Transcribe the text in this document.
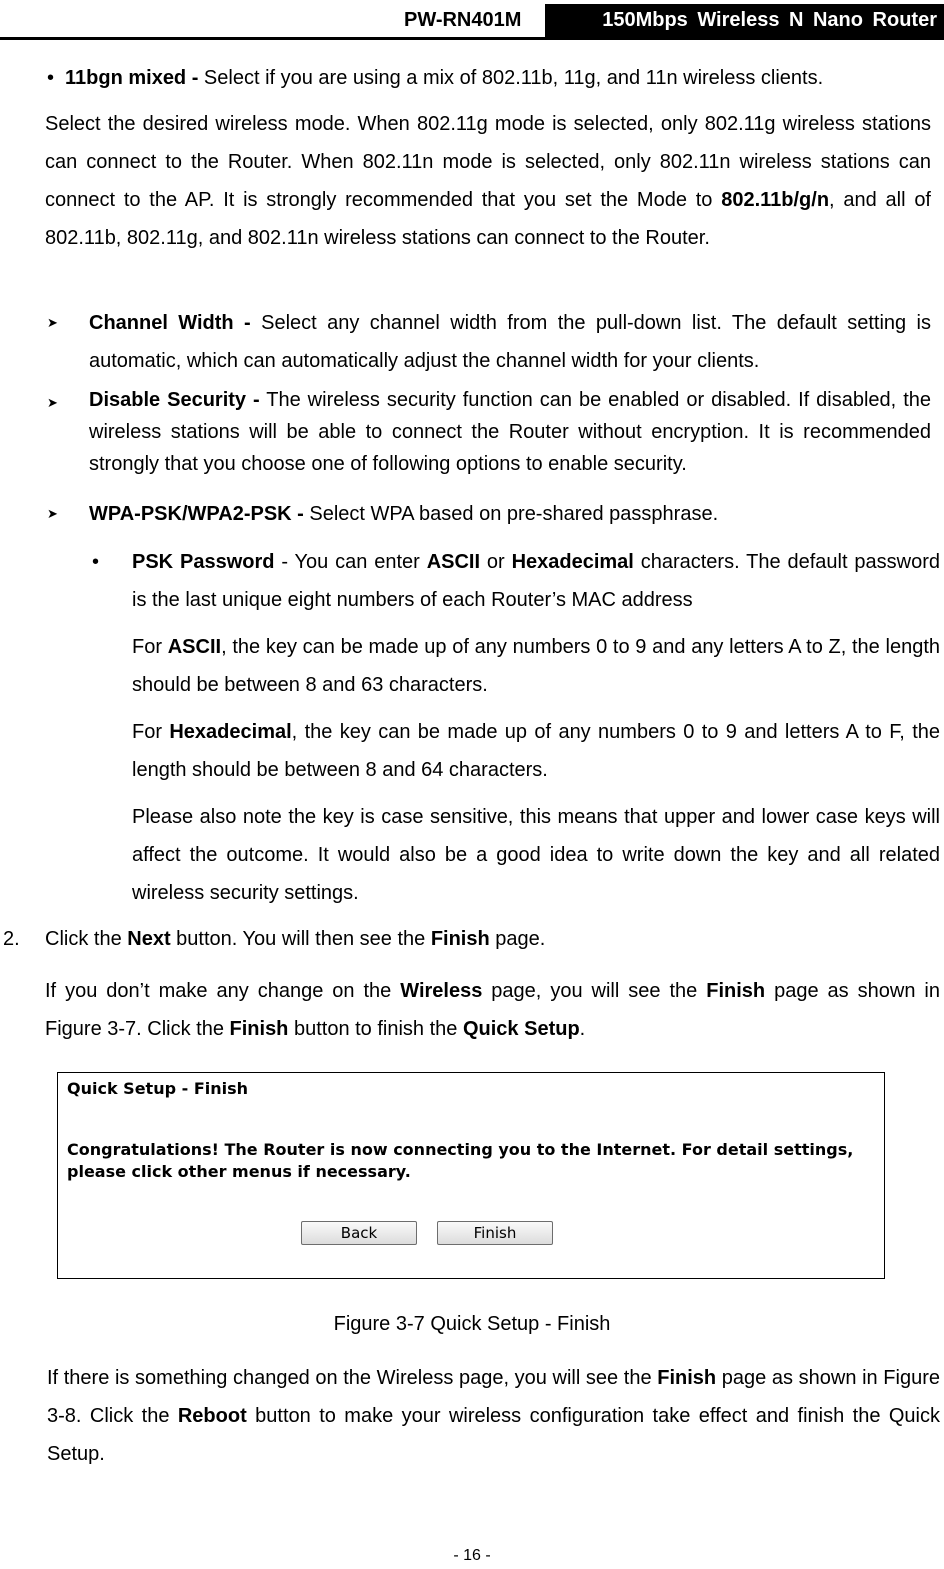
PW-RN401M	150Mbps Wireless N Nano Router
• 11bgn mixed - Select if you are using a mix of 802.11b, 11g, and 11n wireless clients.
Select the desired wireless mode. When 802.11g mode is selected, only 802.11g wireless stations can connect to the Router. When 802.11n mode is selected, only 802.11n wireless stations can connect to the AP. It is strongly recommended that you set the Mode to 802.11b/g/n, and all of 802.11b, 802.11g, and 802.11n wireless stations can connect to the Router.
➤ Channel Width - Select any channel width from the pull-down list. The default setting is automatic, which can automatically adjust the channel width for your clients.
➤ Disable Security - The wireless security function can be enabled or disabled. If disabled, the wireless stations will be able to connect the Router without encryption. It is recommended strongly that you choose one of following options to enable security.
➤ WPA-PSK/WPA2-PSK - Select WPA based on pre-shared passphrase.
• PSK Password - You can enter ASCII or Hexadecimal characters. The default password is the last unique eight numbers of each Router’s MAC address
For ASCII, the key can be made up of any numbers 0 to 9 and any letters A to Z, the length should be between 8 and 63 characters.
For Hexadecimal, the key can be made up of any numbers 0 to 9 and letters A to F, the length should be between 8 and 64 characters.
Please also note the key is case sensitive, this means that upper and lower case keys will affect the outcome. It would also be a good idea to write down the key and all related wireless security settings.
2. Click the Next button. You will then see the Finish page.
If you don’t make any change on the Wireless page, you will see the Finish page as shown in Figure 3-7. Click the Finish button to finish the Quick Setup.
Quick Setup - Finish
Congratulations! The Router is now connecting you to the Internet. For detail settings, please click other menus if necessary.
Back	Finish
Figure 3-7 Quick Setup - Finish
If there is something changed on the Wireless page, you will see the Finish page as shown in Figure 3-8. Click the Reboot button to make your wireless configuration take effect and finish the Quick Setup.
- 16 -
